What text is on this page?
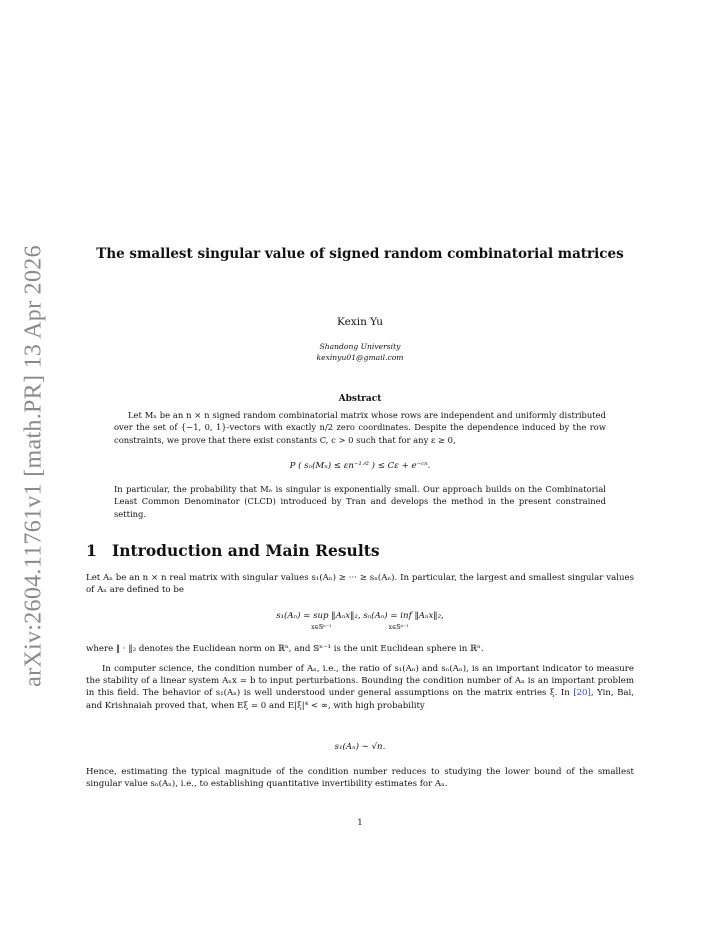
arXiv:2604.11761v1 [math.PR] 13 Apr 2026	The smallest singular value of signed random combinatorial matrices
Kexin Yu
Shandong University
kexinyu01@gmail.com
Abstract
Let Mₙ be an n × n signed random combinatorial matrix whose rows are independent and uniformly distributed over the set of {−1, 0, 1}-vectors with exactly n/2 zero coordinates. Despite the dependence induced by the row constraints, we prove that there exist constants C, c > 0 such that for any ε ≥ 0,
P ( sₙ(Mₙ) ≤ εn⁻¹ᐟ² ) ≤ Cε + e⁻ᶜⁿ.
In particular, the probability that Mₙ is singular is exponentially small. Our approach builds on the Combinatorial Least Common Denominator (CLCD) introduced by Tran and develops the method in the present constrained setting.
1 Introduction and Main Results
Let Aₙ be an n × n real matrix with singular values s₁(Aₙ) ≥ ··· ≥ sₙ(Aₙ). In particular, the largest and smallest singular values of Aₙ are defined to be
s₁(Aₙ) = sup ‖Aₙx‖₂, sₙ(Aₙ) = inf ‖Aₙx‖₂,
x∈𝕊ⁿ⁻¹                              x∈𝕊ⁿ⁻¹
where ‖ · ‖₂ denotes the Euclidean norm on ℝⁿ, and 𝕊ⁿ⁻¹ is the unit Euclidean sphere in ℝⁿ.
In computer science, the condition number of Aₙ, i.e., the ratio of s₁(Aₙ) and sₙ(Aₙ), is an important indicator to measure the stability of a linear system Aₙx = b to input perturbations. Bounding the condition number of Aₙ is an important problem in this field. The behavior of s₁(Aₙ) is well understood under general assumptions on the matrix entries ξ. In [20], Yin, Bai, and Krishnaiah proved that, when Eξ = 0 and E|ξ|⁴ < ∞, with high probability
s₁(Aₙ) ∼ √n.
Hence, estimating the typical magnitude of the condition number reduces to studying the lower bound of the smallest singular value sₙ(Aₙ), i.e., to establishing quantitative invertibility estimates for Aₙ.
1
